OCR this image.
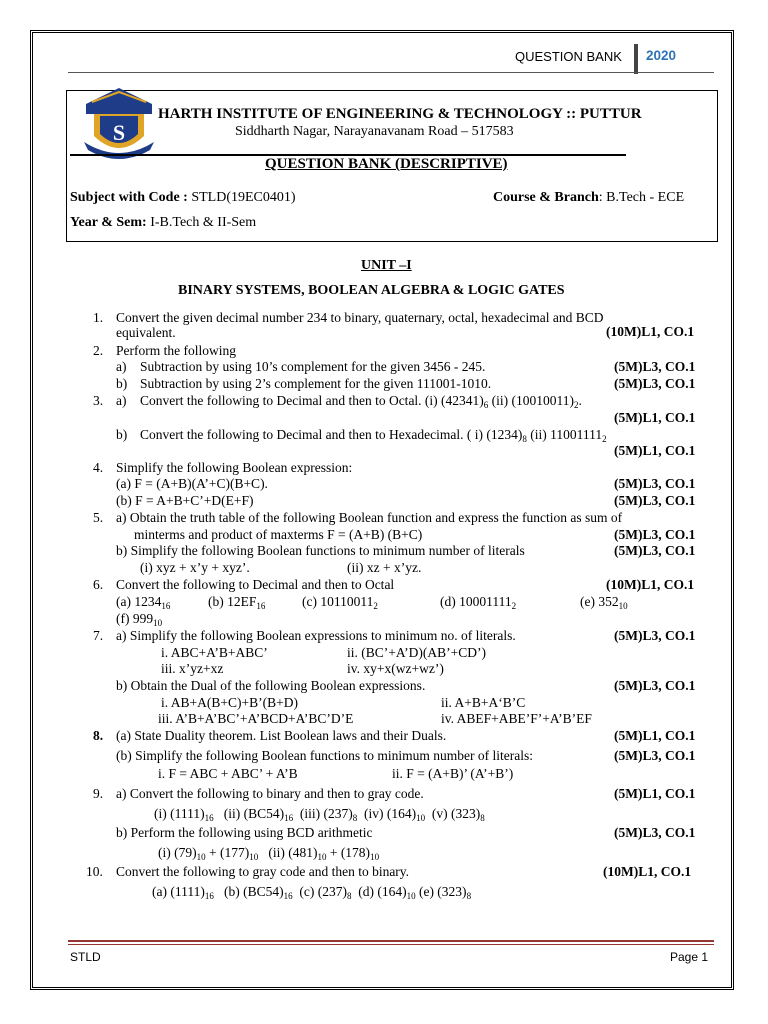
QUESTION BANK 2020
S
HARTH INSTITUTE OF ENGINEERING & TECHNOLOGY :: PUTTUR
Siddharth Nagar, Narayanavanam Road – 517583
QUESTION BANK (DESCRIPTIVE)
Subject with Code : STLD(19EC0401)	Course & Branch: B.Tech - ECE
Year & Sem: I-B.Tech & II-Sem
UNIT –I
BINARY SYSTEMS, BOOLEAN ALGEBRA & LOGIC GATES
1. Convert the given decimal number 234 to binary, quaternary, octal, hexadecimal and BCD
equivalent.	(10M)L1, CO.1
2. Perform the following
a) Subtraction by using 10’s complement for the given 3456 - 245.	(5M)L3, CO.1
b) Subtraction by using 2’s complement for the given 111001-1010.	(5M)L3, CO.1
3. a) Convert the following to Decimal and then to Octal. (i) $(42341)_6$ (ii) $(10010011)_2$.
(5M)L1, CO.1
b) Convert the following to Decimal and then to Hexadecimal. ( i) $(1234)_8$ (ii) $11001111_2$
(5M)L1, CO.1
4. Simplify the following Boolean expression:
(a) F = (A+B)(A’+C)(B+C).	(5M)L3, CO.1
(b) F = A+B+C’+D(E+F)	(5M)L3, CO.1
5. a) Obtain the truth table of the following Boolean function and express the function as sum of
minterms and product of maxterms F = (A+B) (B+C)	(5M)L3, CO.1
b) Simplify the following Boolean functions to minimum number of literals	(5M)L3, CO.1
(i) xyz + x’y + xyz’.	(ii) xz + x’yz.
6. Convert the following to Decimal and then to Octal	(10M)L1, CO.1
(a) $1234_{16}$	(b) $12EF_{16}$	(c) $10110011_2$	(d) $10001111_2$	(e) $352_{10}$
(f) $999_{10}$
7. a) Simplify the following Boolean expressions to minimum no. of literals.	(5M)L3, CO.1
i. ABC+A’B+ABC’	ii. (BC’+A’D)(AB’+CD’)
iii. x’yz+xz	iv. xy+x(wz+wz’)
b) Obtain the Dual of the following Boolean expressions.	(5M)L3, CO.1
i. AB+A(B+C)+B’(B+D)	ii. A+B+A‘B’C
iii. A’B+A’BC’+A’BCD+A’BC’D’E	iv. ABEF+ABE’F’+A’B’EF
8. (a) State Duality theorem. List Boolean laws and their Duals.	(5M)L1, CO.1
(b) Simplify the following Boolean functions to minimum number of literals:	(5M)L3, CO.1
i. F = ABC + ABC’ + A’B	ii. F = (A+B)’ (A’+B’)
9. a) Convert the following to binary and then to gray code.	(5M)L1, CO.1
(i) $(1111)_{16}$ (ii) $(BC54)_{16}$ (iii) $(237)_8$ (iv) $(164)_{10}$ (v) $(323)_8$
b) Perform the following using BCD arithmetic	(5M)L3, CO.1
(i) $(79)_{10} + (177)_{10}$ (ii) $(481)_{10} + (178)_{10}$
10. Convert the following to gray code and then to binary.	(10M)L1, CO.1
(a) $(1111)_{16}$ (b) $(BC54)_{16}$ (c) $(237)_8$ (d) $(164)_{10}$ (e) $(323)_8$
STLD	Page 1
